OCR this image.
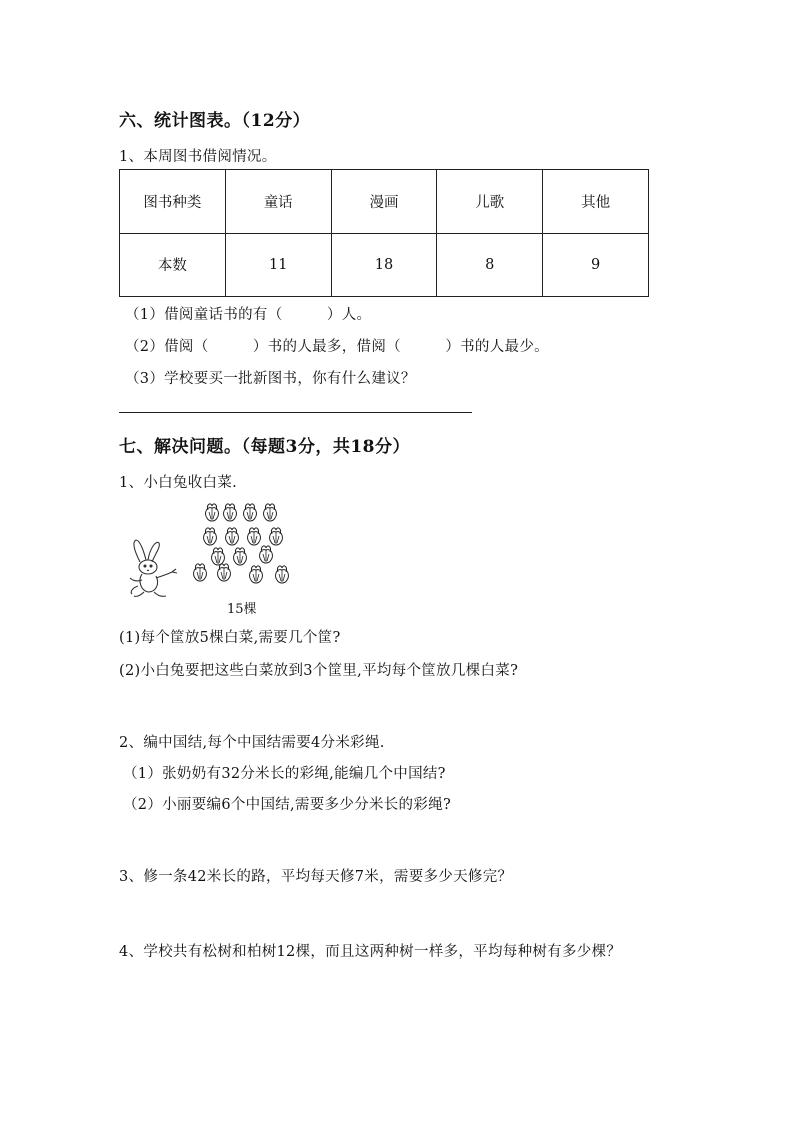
六、统计图表。（12分）
1、本周图书借阅情况。
图书种类	童话	漫画	儿歌	其他
本数	11	18	8	9
（1）借阅童话书的有（　　　）人。
（2）借阅（　　　）书的人最多，借阅（　　　）书的人最少。
（3）学校要买一批新图书，你有什么建议？
七、解决问题。（每题3分，共18分）
1、小白兔收白菜.
15棵
(1)每个筐放5棵白菜,需要几个筐?
(2)小白兔要把这些白菜放到3个筐里,平均每个筐放几棵白菜?
2、编中国结,每个中国结需要4分米彩绳.
（1）张奶奶有32分米长的彩绳,能编几个中国结?
（2）小丽要编6个中国结,需要多少分米长的彩绳?
3、修一条42米长的路，平均每天修7米，需要多少天修完？
4、学校共有松树和柏树12棵，而且这两种树一样多，平均每种树有多少棵？
